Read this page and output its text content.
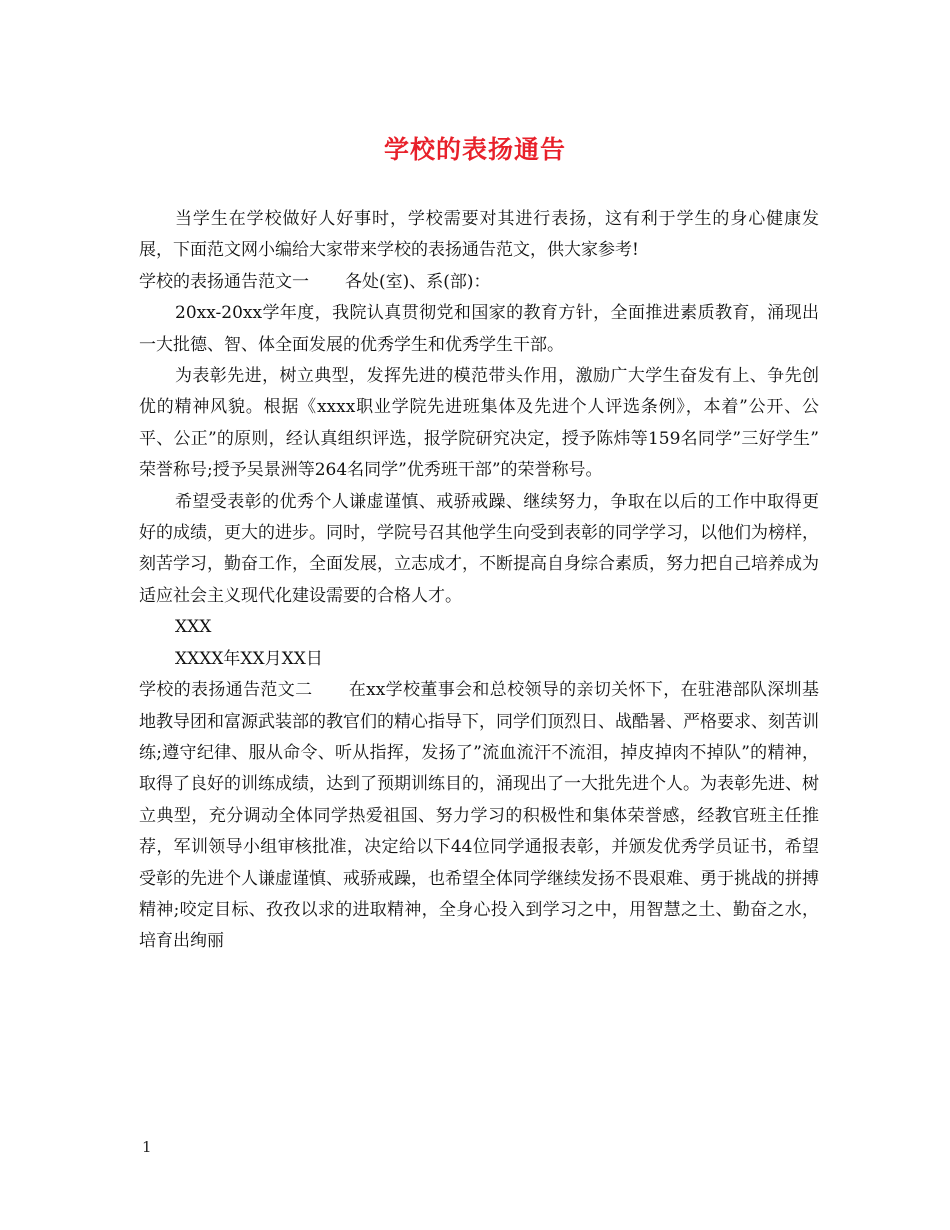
学校的表扬通告

当学生在学校做好人好事时，学校需要对其进行表扬，这有利于学生的身心健康发展，下面范文网小编给大家带来学校的表扬通告范文，供大家参考!

学校的表扬通告范文一 各处(室)、系(部)：

20xx-20xx学年度，我院认真贯彻党和国家的教育方针，全面推进素质教育，涌现出一大批德、智、体全面发展的优秀学生和优秀学生干部。

为表彰先进，树立典型，发挥先进的模范带头作用，激励广大学生奋发有上、争先创优的精神风貌。根据《xxxx职业学院先进班集体及先进个人评选条例》，本着”公开、公平、公正”的原则，经认真组织评选，报学院研究决定，授予陈炜等159名同学”三好学生” 荣誉称号;授予吴景洲等264名同学”优秀班干部”的荣誉称号。

希望受表彰的优秀个人谦虚谨慎、戒骄戒躁、继续努力，争取在以后的工作中取得更好的成绩，更大的进步。同时，学院号召其他学生向受到表彰的同学学习，以他们为榜样，刻苦学习，勤奋工作，全面发展，立志成才，不断提高自身综合素质，努力把自己培养成为适应社会主义现代化建设需要的合格人才。

XXX

XXXX年XX月XX日

学校的表扬通告范文二 在xx学校董事会和总校领导的亲切关怀下，在驻港部队深圳基地教导团和富源武装部的教官们的精心指导下，同学们顶烈日、战酷暑、严格要求、刻苦训练;遵守纪律、服从命令、听从指挥，发扬了”流血流汗不流泪，掉皮掉肉不掉队”的精神，取得了良好的训练成绩，达到了预期训练目的，涌现出了一大批先进个人。为表彰先进、树立典型，充分调动全体同学热爱祖国、努力学习的积极性和集体荣誉感，经教官班主任推荐，军训领导小组审核批准，决定给以下44位同学通报表彰，并颁发优秀学员证书，希望受彰的先进个人谦虚谨慎、戒骄戒躁，也希望全体同学继续发扬不畏艰难、勇于挑战的拼搏精神;咬定目标、孜孜以求的进取精神，全身心投入到学习之中，用智慧之土、勤奋之水，培育出绚丽

1
